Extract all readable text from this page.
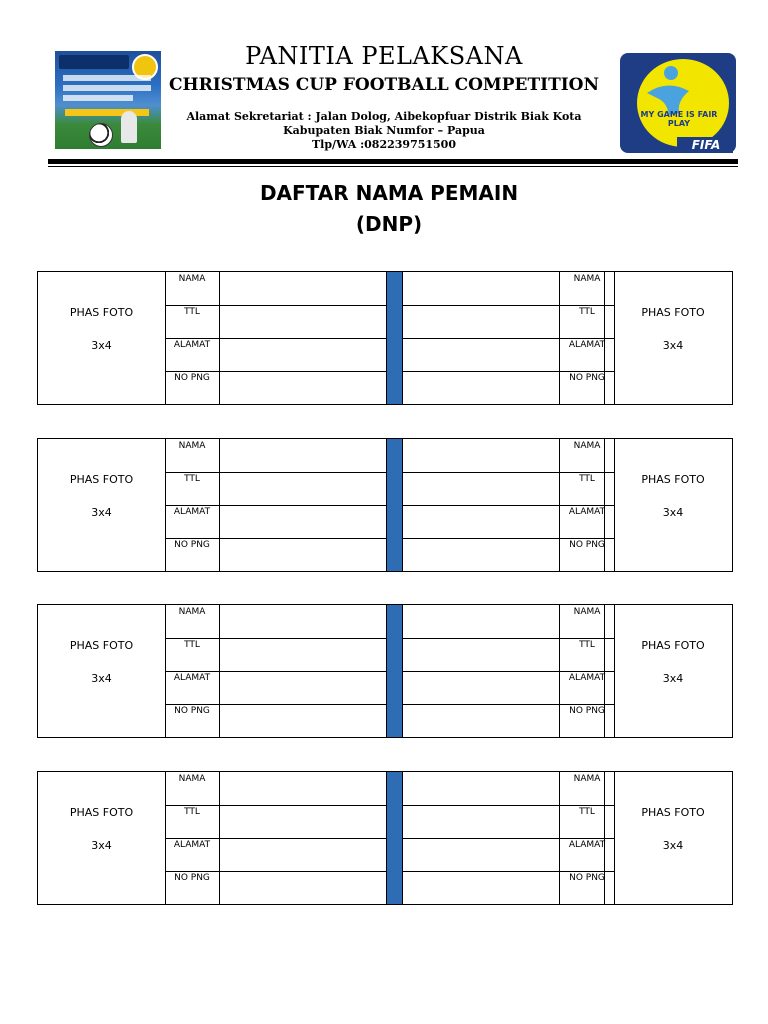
PANITIA PELAKSANA
CHRISTMAS CUP FOOTBALL COMPETITION
Alamat Sekretariat : Jalan Dolog, Aibekopfuar Distrik Biak Kota
Kabupaten Biak Numfor – Papua
Tlp/WA :082239751500
MY GAME IS FAIR PLAY
FIFA
DAFTAR NAMA PEMAIN
(DNP)
PHAS FOTO
3x4
PHAS FOTO
3x4
NAMA	NAMA
TTL	TTL
ALAMAT	ALAMAT
NO PNG	NO PNG
PHAS FOTO
3x4
PHAS FOTO
3x4
NAMA	NAMA
TTL	TTL
ALAMAT	ALAMAT
NO PNG	NO PNG
PHAS FOTO
3x4
PHAS FOTO
3x4
NAMA	NAMA
TTL	TTL
ALAMAT	ALAMAT
NO PNG	NO PNG
PHAS FOTO
3x4
PHAS FOTO
3x4
NAMA	NAMA
TTL	TTL
ALAMAT	ALAMAT
NO PNG	NO PNG
